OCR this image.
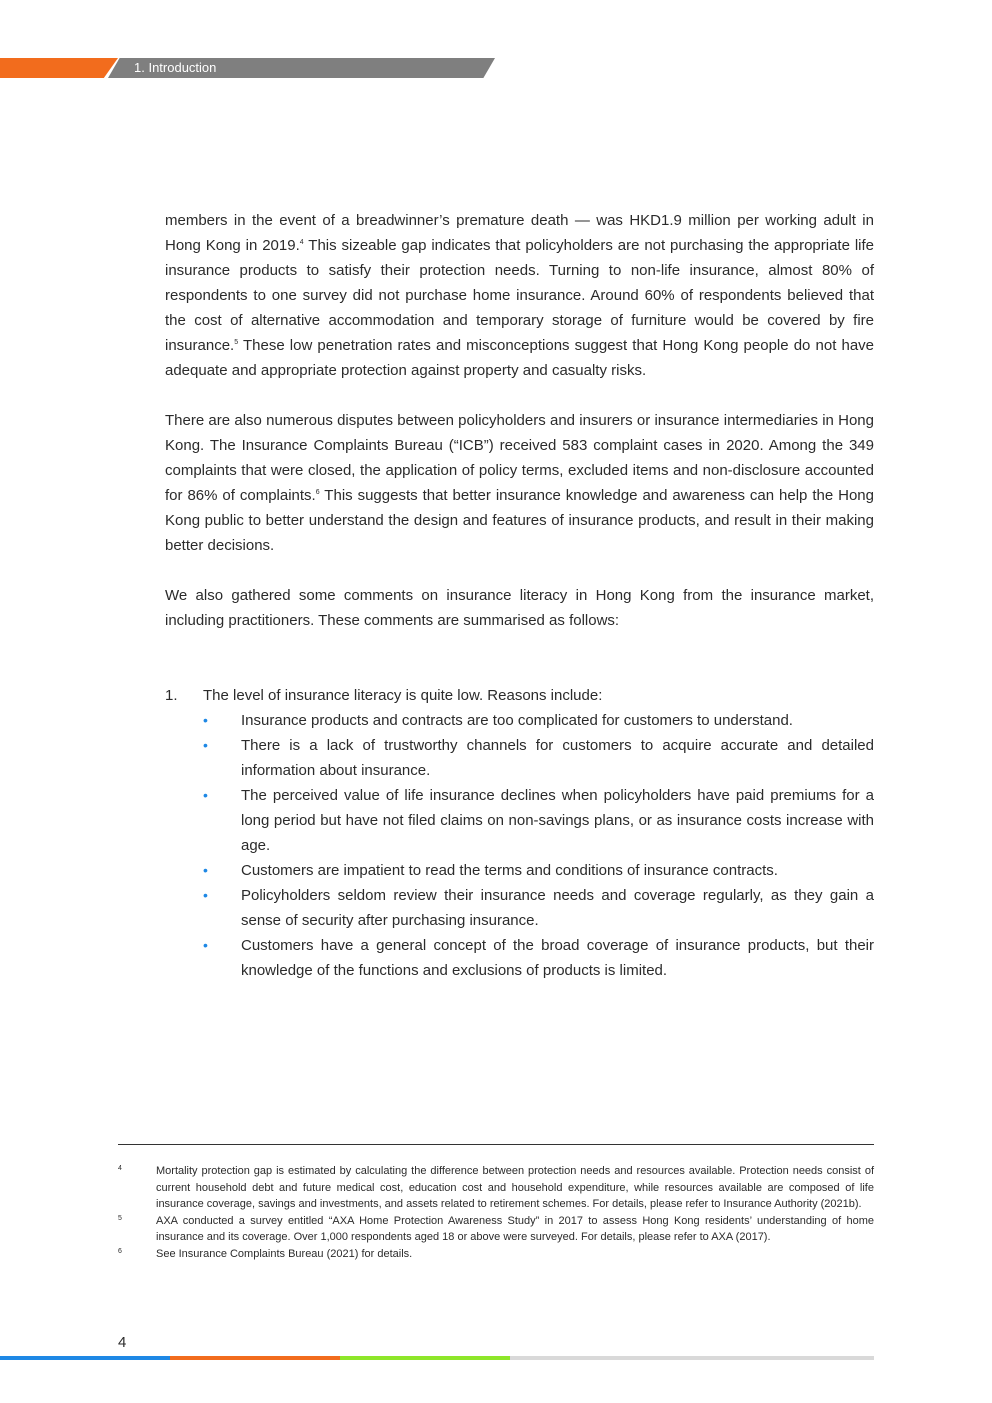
1. Introduction

members in the event of a breadwinner’s premature death — was HKD1.9 million per working adult in Hong Kong in 2019.$^4$ This sizeable gap indicates that policyholders are not purchasing the appropriate life insurance products to satisfy their protection needs. Turning to non-life insurance, almost 80% of respondents to one survey did not purchase home insurance. Around 60% of respondents believed that the cost of alternative accommodation and temporary storage of furniture would be covered by fire insurance.$^5$ These low penetration rates and misconceptions suggest that Hong Kong people do not have adequate and appropriate protection against property and casualty risks.

There are also numerous disputes between policyholders and insurers or insurance intermediaries in Hong Kong. The Insurance Complaints Bureau (“ICB”) received 583 complaint cases in 2020. Among the 349 complaints that were closed, the application of policy terms, excluded items and non-disclosure accounted for 86% of complaints.$^6$ This suggests that better insurance knowledge and awareness can help the Hong Kong public to better understand the design and features of insurance products, and result in their making better decisions.

We also gathered some comments on insurance literacy in Hong Kong from the insurance market, including practitioners. These comments are summarised as follows:

1.	The level of insurance literacy is quite low. Reasons include:
•	Insurance products and contracts are too complicated for customers to understand.
•	There is a lack of trustworthy channels for customers to acquire accurate and detailed information about insurance.
•	The perceived value of life insurance declines when policyholders have paid premiums for a long period but have not filed claims on non-savings plans, or as insurance costs increase with age.
•	Customers are impatient to read the terms and conditions of insurance contracts.
•	Policyholders seldom review their insurance needs and coverage regularly, as they gain a sense of security after purchasing insurance.
•	Customers have a general concept of the broad coverage of insurance products, but their knowledge of the functions and exclusions of products is limited.
4	Mortality protection gap is estimated by calculating the difference between protection needs and resources available. Protection needs consist of current household debt and future medical cost, education cost and household expenditure, while resources available are composed of life insurance coverage, savings and investments, and assets related to retirement schemes. For details, please refer to Insurance Authority (2021b).
5	AXA conducted a survey entitled “AXA Home Protection Awareness Study” in 2017 to assess Hong Kong residents’ understanding of home insurance and its coverage. Over 1,000 respondents aged 18 or above were surveyed. For details, please refer to AXA (2017).
6	See Insurance Complaints Bureau (2021) for details.
4
